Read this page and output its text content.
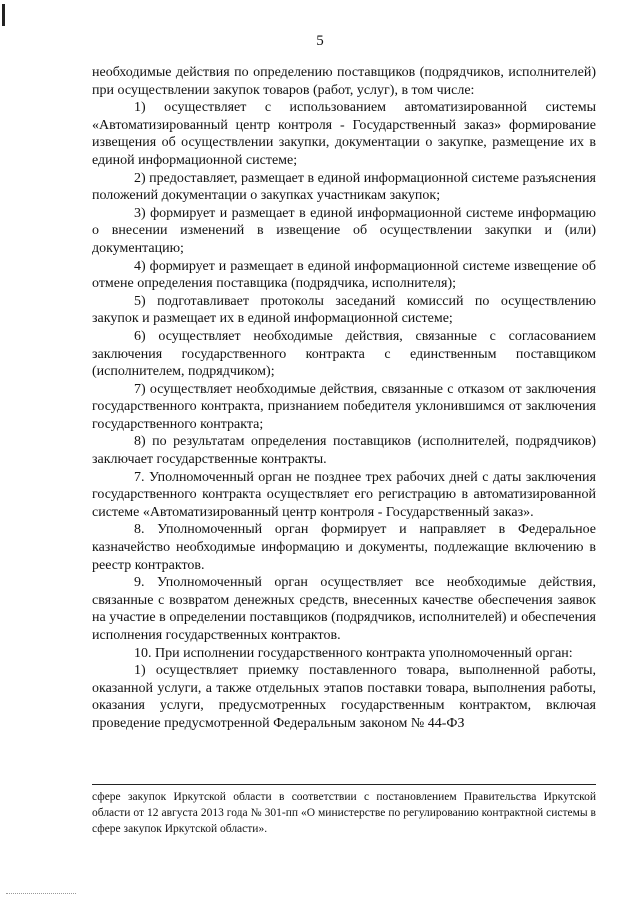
5

необходимые действия по определению поставщиков (подрядчиков, исполнителей) при осуществлении закупок товаров (работ, услуг), в том числе:

1) осуществляет с использованием автоматизированной системы «Автоматизированный центр контроля - Государственный заказ» формирование извещения об осуществлении закупки, документации о закупке, размещение их в единой информационной системе;

2) предоставляет, размещает в единой информационной системе разъяснения положений документации о закупках участникам закупок;

3) формирует и размещает в единой информационной системе информацию о внесении изменений в извещение об осуществлении закупки и (или) документацию;

4) формирует и размещает в единой информационной системе извещение об отмене определения поставщика (подрядчика, исполнителя);

5) подготавливает протоколы заседаний комиссий по осуществлению закупок и размещает их в единой информационной системе;

6) осуществляет необходимые действия, связанные с согласованием заключения государственного контракта с единственным поставщиком (исполнителем, подрядчиком);

7) осуществляет необходимые действия, связанные с отказом от заключения государственного контракта, признанием победителя уклонившимся от заключения государственного контракта;

8) по результатам определения поставщиков (исполнителей, подрядчиков) заключает государственные контракты.

7. Уполномоченный орган не позднее трех рабочих дней с даты заключения государственного контракта осуществляет его регистрацию в автоматизированной системе «Автоматизированный центр контроля - Государственный заказ».

8. Уполномоченный орган формирует и направляет в Федеральное казначейство необходимые информацию и документы, подлежащие включению в реестр контрактов.

9. Уполномоченный орган осуществляет все необходимые действия, связанные с возвратом денежных средств, внесенных качестве обеспечения заявок на участие в определении поставщиков (подрядчиков, исполнителей) и обеспечения исполнения государственных контрактов.

10. При исполнении государственного контракта уполномоченный орган:

1) осуществляет приемку поставленного товара, выполненной работы, оказанной услуги, а также отдельных этапов поставки товара, выполнения работы, оказания услуги, предусмотренных государственным контрактом, включая проведение предусмотренной Федеральным законом № 44-ФЗ

сфере закупок Иркутской области в соответствии с постановлением Правительства Иркутской области от 12 августа 2013 года № 301-пп «О министерстве по регулированию контрактной системы в сфере закупок Иркутской области».
